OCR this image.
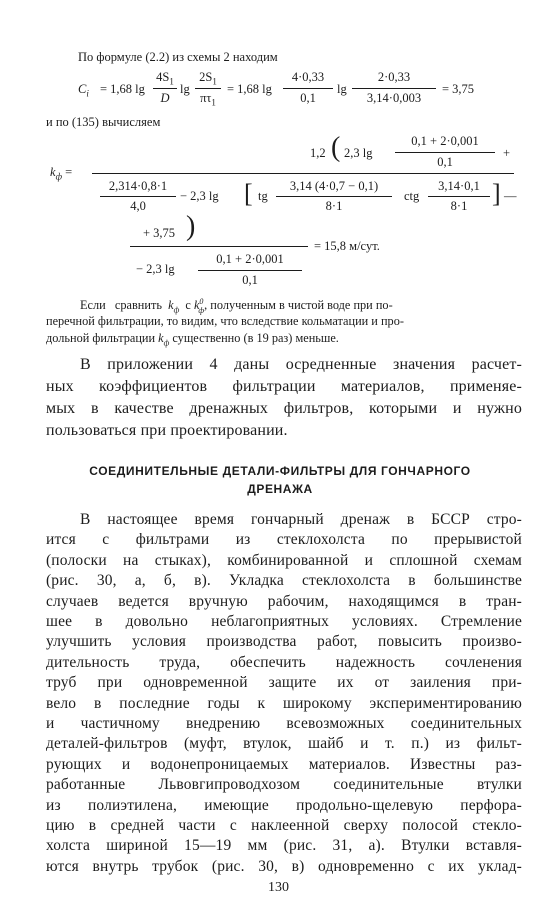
По формуле (2.2) из схемы 2 находим
$C_i = 1,68$ lg
$4S_1$
D
lg
$2S_1$
$\pi\tau_1$
= 1,68 lg
4·0,33
0,1
lg
2·0,33
3,14·0,003
= 3,75
и по (135) вычисляем
$k_ф$ =
1,2 ( 2,3 lg
0,1 + 2·0,001
0,1
+
2,314·0,8·1
4,0
− 2,3 lg [ tg
3,14 (4·0,7 − 0,1)
8·1
ctg
3,14·0,1
8·1 ] —
+ 3,75 )
− 2,3 lg
0,1 + 2·0,001
0,1
= 15,8 м/сут.
Если сравнить $k_ф$ с $k^0_ф$, полученным в чистой воде при по-
перечной фильтрации, то видим, что вследствие кольматации и про-
дольной фильтрации $k_ф$ существенно (в 19 раз) меньше.
В приложении 4 даны осредненные значения расчет-
ных коэффициентов фильтрации материалов, применяе-
мых в качестве дренажных фильтров, которыми и нужно
пользоваться при проектировании.
СОЕДИНИТЕЛЬНЫЕ ДЕТАЛИ-ФИЛЬТРЫ ДЛЯ ГОНЧАРНОГО
ДРЕНАЖА
В настоящее время гончарный дренаж в БССР стро-
ится с фильтрами из стеклохолста по прерывистой
(полоски на стыках), комбинированной и сплошной схемам
(рис. 30, а, б, в). Укладка стеклохолста в большинстве
случаев ведется вручную рабочим, находящимся в тран-
шее в довольно неблагоприятных условиях. Стремление
улучшить условия производства работ, повысить произво-
дительность труда, обеспечить надежность сочленения
труб при одновременной защите их от заиления при-
вело в последние годы к широкому экспериментированию
и частичному внедрению всевозможных соединительных
деталей-фильтров (муфт, втулок, шайб и т. п.) из фильт-
рующих и водонепроницаемых материалов. Известны раз-
работанные Львовгипроводхозом соединительные втулки
из полиэтилена, имеющие продольно-щелевую перфора-
цию в средней части с наклеенной сверху полосой стекло-
холста шириной 15—19 мм (рис. 31, а). Втулки вставля-
ются внутрь трубок (рис. 30, в) одновременно с их уклад-
130
